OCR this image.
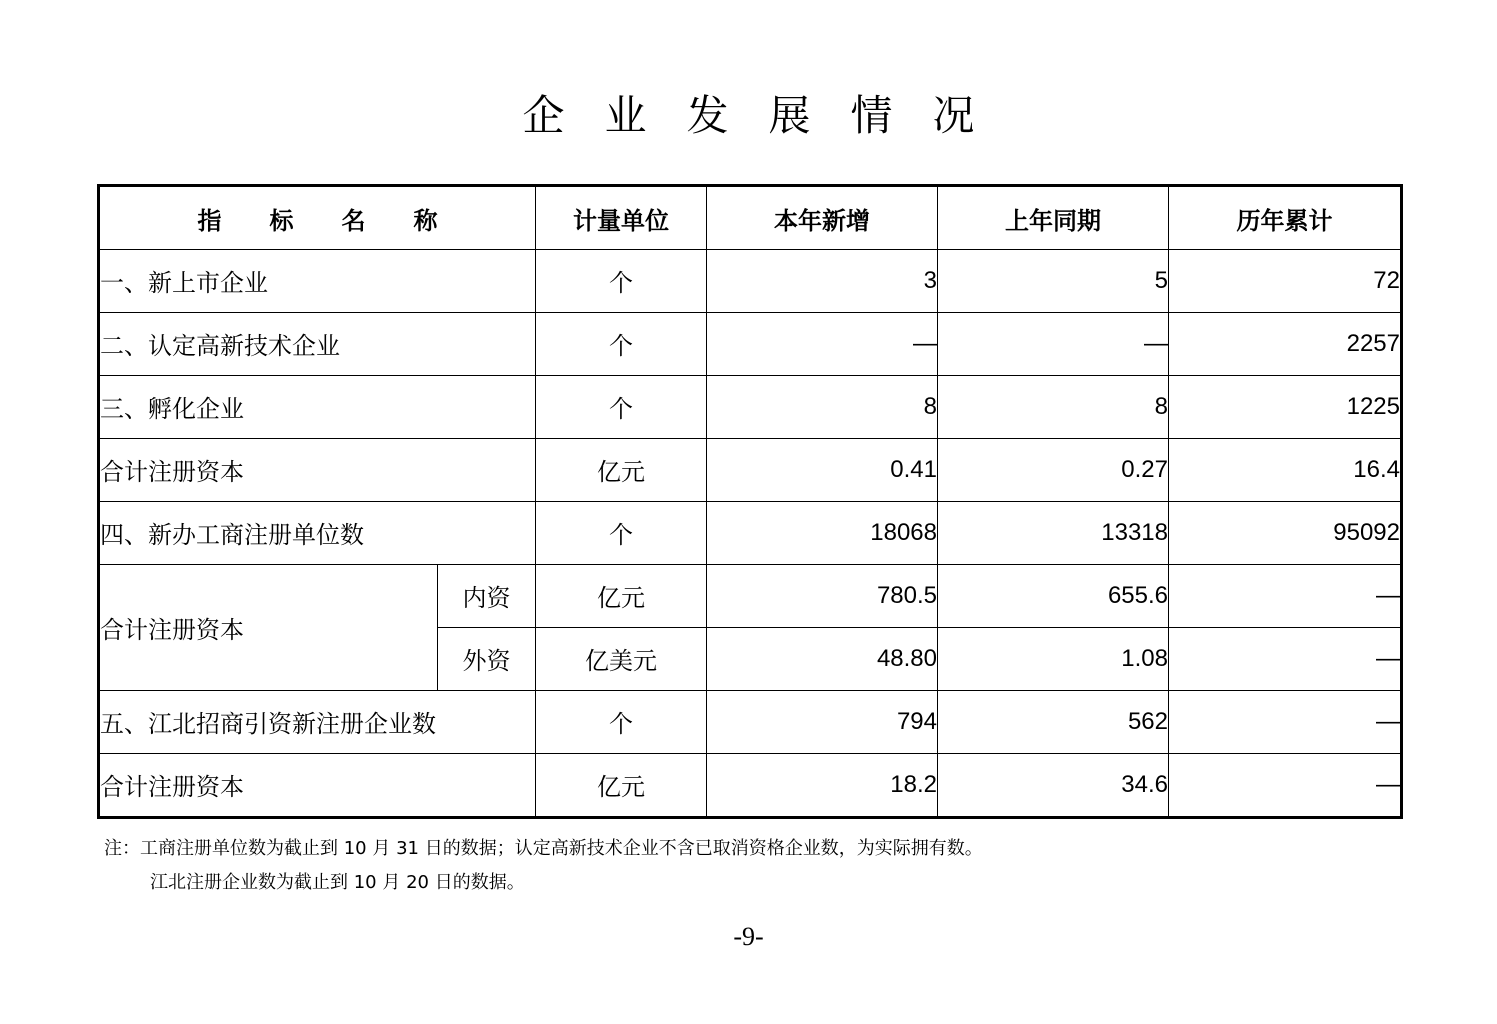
企业发展情况
指标名称		计量单位	本年新增	上年同期	历年累计
一、新上市企业		个	3	5	72
二、认定高新技术企业		个	—	—	2257
三、孵化企业		个	8	8	1225
合计注册资本		亿元	0.41	0.27	16.4
四、新办工商注册单位数		个	18068	13318	95092
合计注册资本	内资	亿元	780.5	655.6	—
	外资	亿美元	48.80	1.08	—
五、江北招商引资新注册企业数		个	794	562	—
合计注册资本		亿元	18.2	34.6	—
注：工商注册单位数为截止到 10 月 31 日的数据；认定高新技术企业不含已取消资格企业数，为实际拥有数。
江北注册企业数为截止到 10 月 20 日的数据。
-9-
